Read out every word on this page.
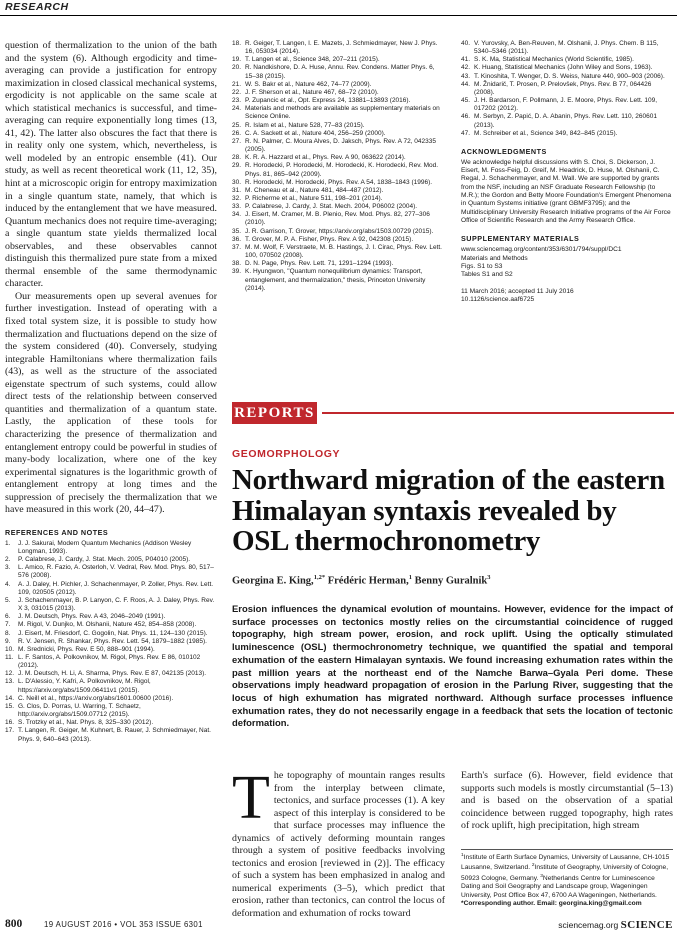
RESEARCH

question of thermalization to the union of the bath and the system (6). Although ergodicity and time-averaging can provide a justification for entropy maximization in closed classical mechanical systems, ergodicity is not applicable on the same scale at which statistical mechanics is successful, and time-averaging can require exponentially long times (13, 41, 42). The latter also obscures the fact that there is in reality only one system, which, nevertheless, is well modeled by an entropic ensemble (41). Our study, as well as recent theoretical work (11, 12, 35), hint at a microscopic origin for entropy maximization in a single quantum state, namely, that which is induced by the entanglement that we have measured. Quantum mechanics does not require time-averaging; a single quantum state yields thermalized local observables, and these observables cannot distinguish this thermalized pure state from a mixed thermal ensemble of the same thermodynamic character.

Our measurements open up several avenues for further investigation. Instead of operating with a fixed total system size, it is possible to study how thermalization and fluctuations depend on the size of the system considered (40). Conversely, studying integrable Hamiltonians where thermalization fails (43), as well as the structure of the associated eigenstate spectrum of such systems, could allow direct tests of the relationship between conserved quantities and thermalization of a quantum state. Lastly, the application of these tools for characterizing the presence of thermalization and entanglement entropy could be powerful in studies of many-body localization, where one of the key experimental signatures is the logarithmic growth of entanglement entropy at long times and the suppression of precisely the thermalization that we have measured in this work (20, 44–47).

REFERENCES AND NOTES
1. J. J. Sakurai, Modern Quantum Mechanics (Addison Wesley Longman, 1993).
2. P. Calabrese, J. Cardy, J. Stat. Mech. 2005, P04010 (2005).
3. L. Amico, R. Fazio, A. Osterloh, V. Vedral, Rev. Mod. Phys. 80, 517–576 (2008).
4. A. J. Daley, H. Pichler, J. Schachenmayer, P. Zoller, Phys. Rev. Lett. 109, 020505 (2012).
5. J. Schachenmayer, B. P. Lanyon, C. F. Roos, A. J. Daley, Phys. Rev. X 3, 031015 (2013).
6. J. M. Deutsch, Phys. Rev. A 43, 2046–2049 (1991).
7. M. Rigol, V. Dunjko, M. Olshanii, Nature 452, 854–858 (2008).
8. J. Eisert, M. Friesdorf, C. Gogolin, Nat. Phys. 11, 124–130 (2015).
9. R. V. Jensen, R. Shankar, Phys. Rev. Lett. 54, 1879–1882 (1985).
10. M. Srednicki, Phys. Rev. E 50, 888–901 (1994).
11. L. F. Santos, A. Polkovnikov, M. Rigol, Phys. Rev. E 86, 010102 (2012).
12. J. M. Deutsch, H. Li, A. Sharma, Phys. Rev. E 87, 042135 (2013).
13. L. D'Alessio, Y. Kafri, A. Polkovnikov, M. Rigol, https://arxiv.org/abs/1509.06411v1 (2015).
14. C. Neill et al., https://arxiv.org/abs/1601.00600 (2016).
15. G. Clos, D. Porras, U. Warring, T. Schaetz, http://arxiv.org/abs/1509.07712 (2015).
16. S. Trotzky et al., Nat. Phys. 8, 325–330 (2012).
17. T. Langen, R. Geiger, M. Kuhnert, B. Rauer, J. Schmiedmayer, Nat. Phys. 9, 640–643 (2013).
18. R. Geiger, T. Langen, I. E. Mazets, J. Schmiedmayer, New J. Phys. 16, 053034 (2014).
19. T. Langen et al., Science 348, 207–211 (2015).
20. R. Nandkishore, D. A. Huse, Annu. Rev. Condens. Matter Phys. 6, 15–38 (2015).
21. W. S. Bakr et al., Nature 462, 74–77 (2009).
22. J. F. Sherson et al., Nature 467, 68–72 (2010).
23. P. Zupancic et al., Opt. Express 24, 13881–13893 (2016).
24. Materials and methods are available as supplementary materials on Science Online.
25. R. Islam et al., Nature 528, 77–83 (2015).
26. C. A. Sackett et al., Nature 404, 256–259 (2000).
27. R. N. Palmer, C. Moura Alves, D. Jaksch, Phys. Rev. A 72, 042335 (2005).
28. K. R. A. Hazzard et al., Phys. Rev. A 90, 063622 (2014).
29. R. Horodecki, P. Horodecki, M. Horodecki, K. Horodecki, Rev. Mod. Phys. 81, 865–942 (2009).
30. R. Horodecki, M. Horodecki, Phys. Rev. A 54, 1838–1843 (1996).
31. M. Cheneau et al., Nature 481, 484–487 (2012).
32. P. Richerme et al., Nature 511, 198–201 (2014).
33. P. Calabrese, J. Cardy, J. Stat. Mech. 2004, P06002 (2004).
34. J. Eisert, M. Cramer, M. B. Plenio, Rev. Mod. Phys. 82, 277–306 (2010).
35. J. R. Garrison, T. Grover, https://arxiv.org/abs/1503.00729 (2015).
36. T. Grover, M. P. A. Fisher, Phys. Rev. A 92, 042308 (2015).
37. M. M. Wolf, F. Verstraete, M. B. Hastings, J. I. Cirac, Phys. Rev. Lett. 100, 070502 (2008).
38. D. N. Page, Phys. Rev. Lett. 71, 1291–1294 (1993).
39. K. Hyungwon, "Quantum nonequilibrium dynamics: Transport, entanglement, and thermalization," thesis, Princeton University (2014).
40. V. Yurovsky, A. Ben-Reuven, M. Olshanii, J. Phys. Chem. B 115, 5340–5346 (2011).
41. S. K. Ma, Statistical Mechanics (World Scientific, 1985).
42. K. Huang, Statistical Mechanics (John Wiley and Sons, 1963).
43. T. Kinoshita, T. Wenger, D. S. Weiss, Nature 440, 900–903 (2006).
44. M. Žnidarič, T. Prosen, P. Prelovšek, Phys. Rev. B 77, 064426 (2008).
45. J. H. Bardarson, F. Pollmann, J. E. Moore, Phys. Rev. Lett. 109, 017202 (2012).
46. M. Serbyn, Z. Papić, D. A. Abanin, Phys. Rev. Lett. 110, 260601 (2013).
47. M. Schreiber et al., Science 349, 842–845 (2015).
ACKNOWLEDGMENTS
We acknowledge helpful discussions with S. Choi, S. Dickerson, J. Eisert, M. Foss-Feig, D. Greif, M. Headrick, D. Huse, M. Olshanii, C. Regal, J. Schachenmayer, and M. Wall. We are supported by grants from the NSF, including an NSF Graduate Research Fellowship (to M.R.); the Gordon and Betty Moore Foundation's Emergent Phenomena in Quantum Systems initiative (grant GBMF3795); and the Multidisciplinary University Research Initiative programs of the Air Force Office of Scientific Research and the Army Research Office.
SUPPLEMENTARY MATERIALS
www.sciencemag.org/content/353/6301/794/suppl/DC1
Materials and Methods
Figs. S1 to S3
Tables S1 and S2
11 March 2016; accepted 11 July 2016
10.1126/science.aaf6725
REPORTS
GEOMORPHOLOGY
Northward migration of the eastern Himalayan syntaxis revealed by OSL thermochronometry
Georgina E. King,$^{1,2*}$ Frédéric Herman,$^1$ Benny Guralnik$^3$
Erosion influences the dynamical evolution of mountains. However, evidence for the impact of surface processes on tectonics mostly relies on the circumstantial coincidence of rugged topography, high stream power, erosion, and rock uplift. Using the optically stimulated luminescence (OSL) thermochronometry technique, we quantified the spatial and temporal exhumation of the eastern Himalayan syntaxis. We found increasing exhumation rates within the past million years at the northeast end of the Namche Barwa–Gyala Peri dome. These observations imply headward propagation of erosion in the Parlung River, suggesting that the locus of high exhumation has migrated northward. Although surface processes influence exhumation rates, they do not necessarily engage in a feedback that sets the location of tectonic deformation.
T he topography of mountain ranges results from the interplay between climate, tectonics, and surface processes (1). A key aspect of this interplay is considered to be that surface processes may influence the dynamics of actively deforming mountain ranges through a system of positive feedbacks involving tectonics and erosion [reviewed in (2)]. The efficacy of such a system has been emphasized in analog and numerical experiments (3–5), which predict that erosion, rather than tectonics, can control the locus of deformation and exhumation of rocks toward
Earth's surface (6). However, field evidence that supports such models is mostly circumstantial (5–13) and is based on the observation of a spatial coincidence between rugged topography, high rates of rock uplift, high precipitation, high stream
$^1$Institute of Earth Surface Dynamics, University of Lausanne, CH-1015 Lausanne, Switzerland. $^2$Institute of Geography, University of Cologne, 50923 Cologne, Germany. $^3$Netherlands Centre for Luminescence Dating and Soil Geography and Landscape group, Wageningen University, Post Office Box 47, 6700 AA Wageningen, Netherlands.
*Corresponding author. Email: georgina.king@gmail.com
800	19 AUGUST 2016 • VOL 353 ISSUE 6301	sciencemag.org SCIENCE
